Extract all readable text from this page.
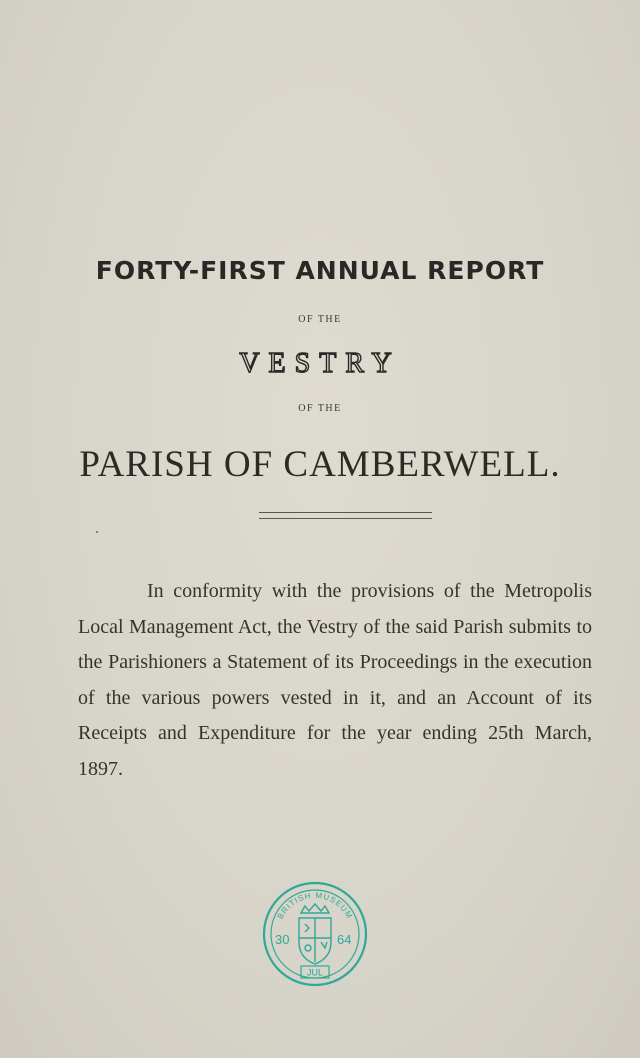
FORTY-FIRST ANNUAL REPORT
OF THE
VESTRY
OF THE
PARISH OF CAMBERWELL.

In conformity with the provisions of the Metropolis Local Management Act, the Vestry of the said Parish submits to the Parishioners a Statement of its Proceedings in the execution of the various powers vested in it, and an Account of its Receipts and Expenditure for the year ending 25th March, 1897.

BRITISH MUSEUM
30	64
JUL
